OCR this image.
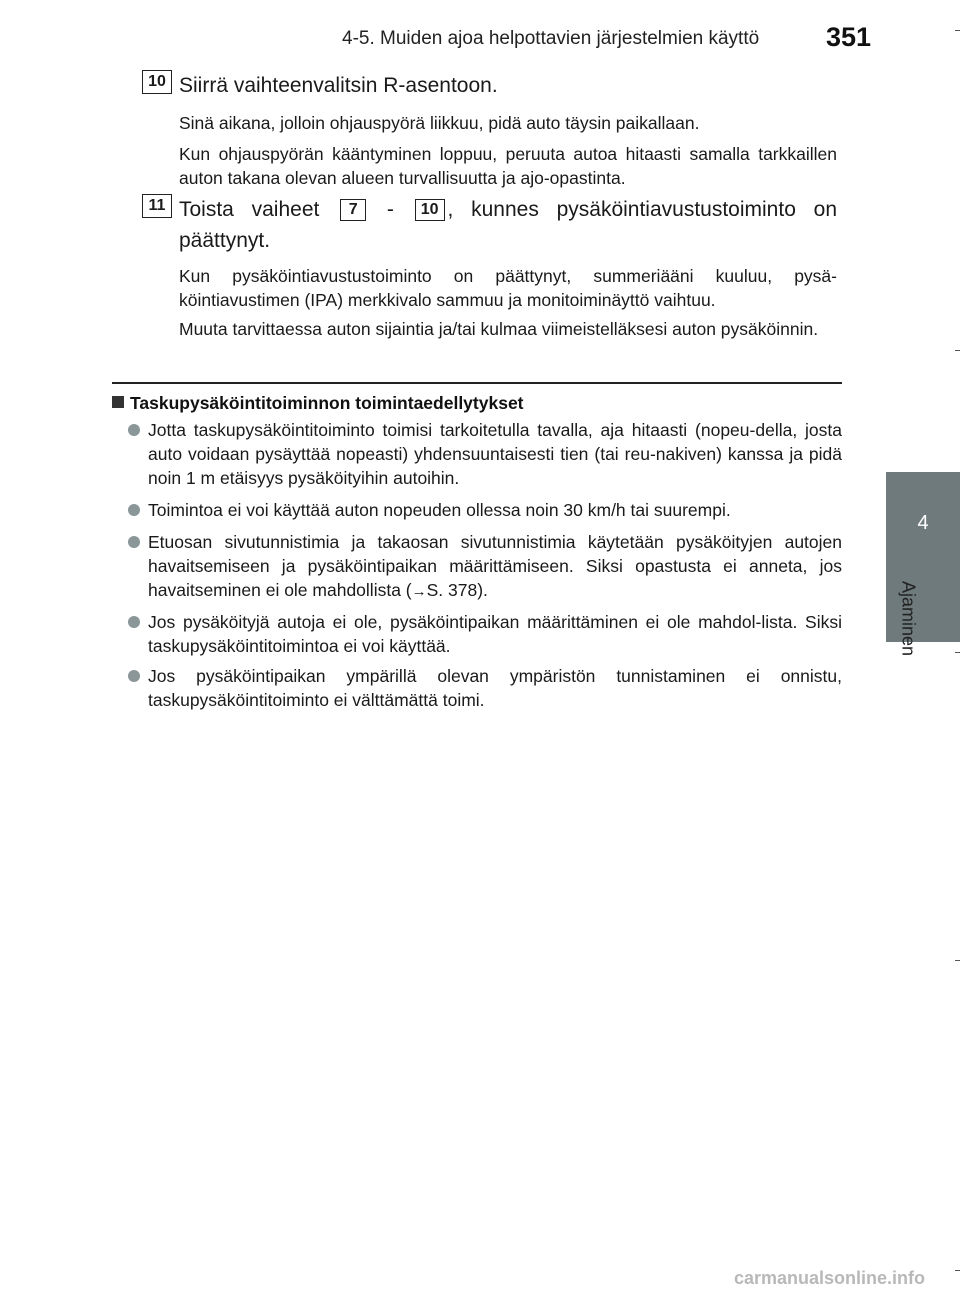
4-5. Muiden ajoa helpottavien järjestelmien käyttö 351
4
Ajaminen
10 Siirrä vaihteenvalitsin R-asentoon.
Sinä aikana, jolloin ohjauspyörä liikkuu, pidä auto täysin paikallaan.
Kun ohjauspyörän kääntyminen loppuu, peruuta autoa hitaasti samalla tarkkaillen auton takana olevan alueen turvallisuutta ja ajo-opastinta.
11 Toista vaiheet 7 - 10 , kunnes pysäköintiavustustoiminto on päättynyt.
Kun pysäköintiavustustoiminto on päättynyt, summeriääni kuuluu, pysä-köintiavustimen (IPA) merkkivalo sammuu ja monitoiminäyttö vaihtuu.
Muuta tarvittaessa auton sijaintia ja/tai kulmaa viimeistelläksesi auton pysäköinnin.
Taskupysäköintitoiminnon toimintaedellytykset
Jotta taskupysäköintitoiminto toimisi tarkoitetulla tavalla, aja hitaasti (nopeu-della, josta auto voidaan pysäyttää nopeasti) yhdensuuntaisesti tien (tai reu-nakiven) kanssa ja pidä noin 1 m etäisyys pysäköityihin autoihin.
Toimintoa ei voi käyttää auton nopeuden ollessa noin 30 km/h tai suurempi.
Etuosan sivutunnistimia ja takaosan sivutunnistimia käytetään pysäköityjen autojen havaitsemiseen ja pysäköintipaikan määrittämiseen. Siksi opastusta ei anneta, jos havaitseminen ei ole mahdollista (→S. 378).
Jos pysäköityjä autoja ei ole, pysäköintipaikan määrittäminen ei ole mahdol-lista. Siksi taskupysäköintitoimintoa ei voi käyttää.
Jos pysäköintipaikan ympärillä olevan ympäristön tunnistaminen ei onnistu, taskupysäköintitoiminto ei välttämättä toimi.
carmanualsonline.info
